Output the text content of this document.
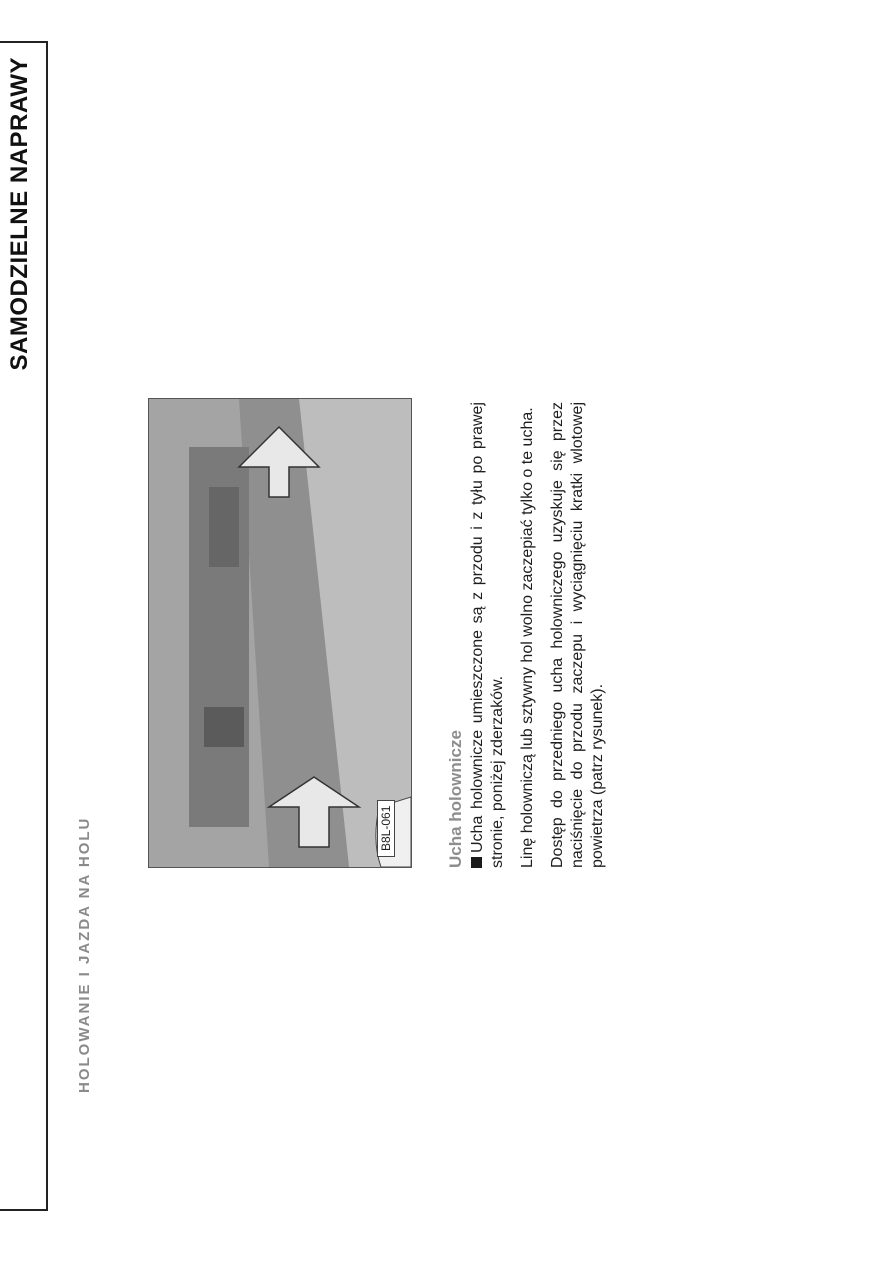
SAMODZIELNE NAPRAWY
HOLOWANIE I JAZDA NA HOLU	B8L-061	Ucha holownicze Ucha holownicze umieszczone są z przodu i z tyłu po prawej stronie, poniżej zderzaków. Linę holowniczą lub sztywny hol wolno zaczepiać tylko o te ucha. Dostęp do przedniego ucha holowniczego uzyskuje się przez naciśnięcie do przodu zaczepu i wyciągnięciu kratki wlotowej powietrza (patrz rysunek).
